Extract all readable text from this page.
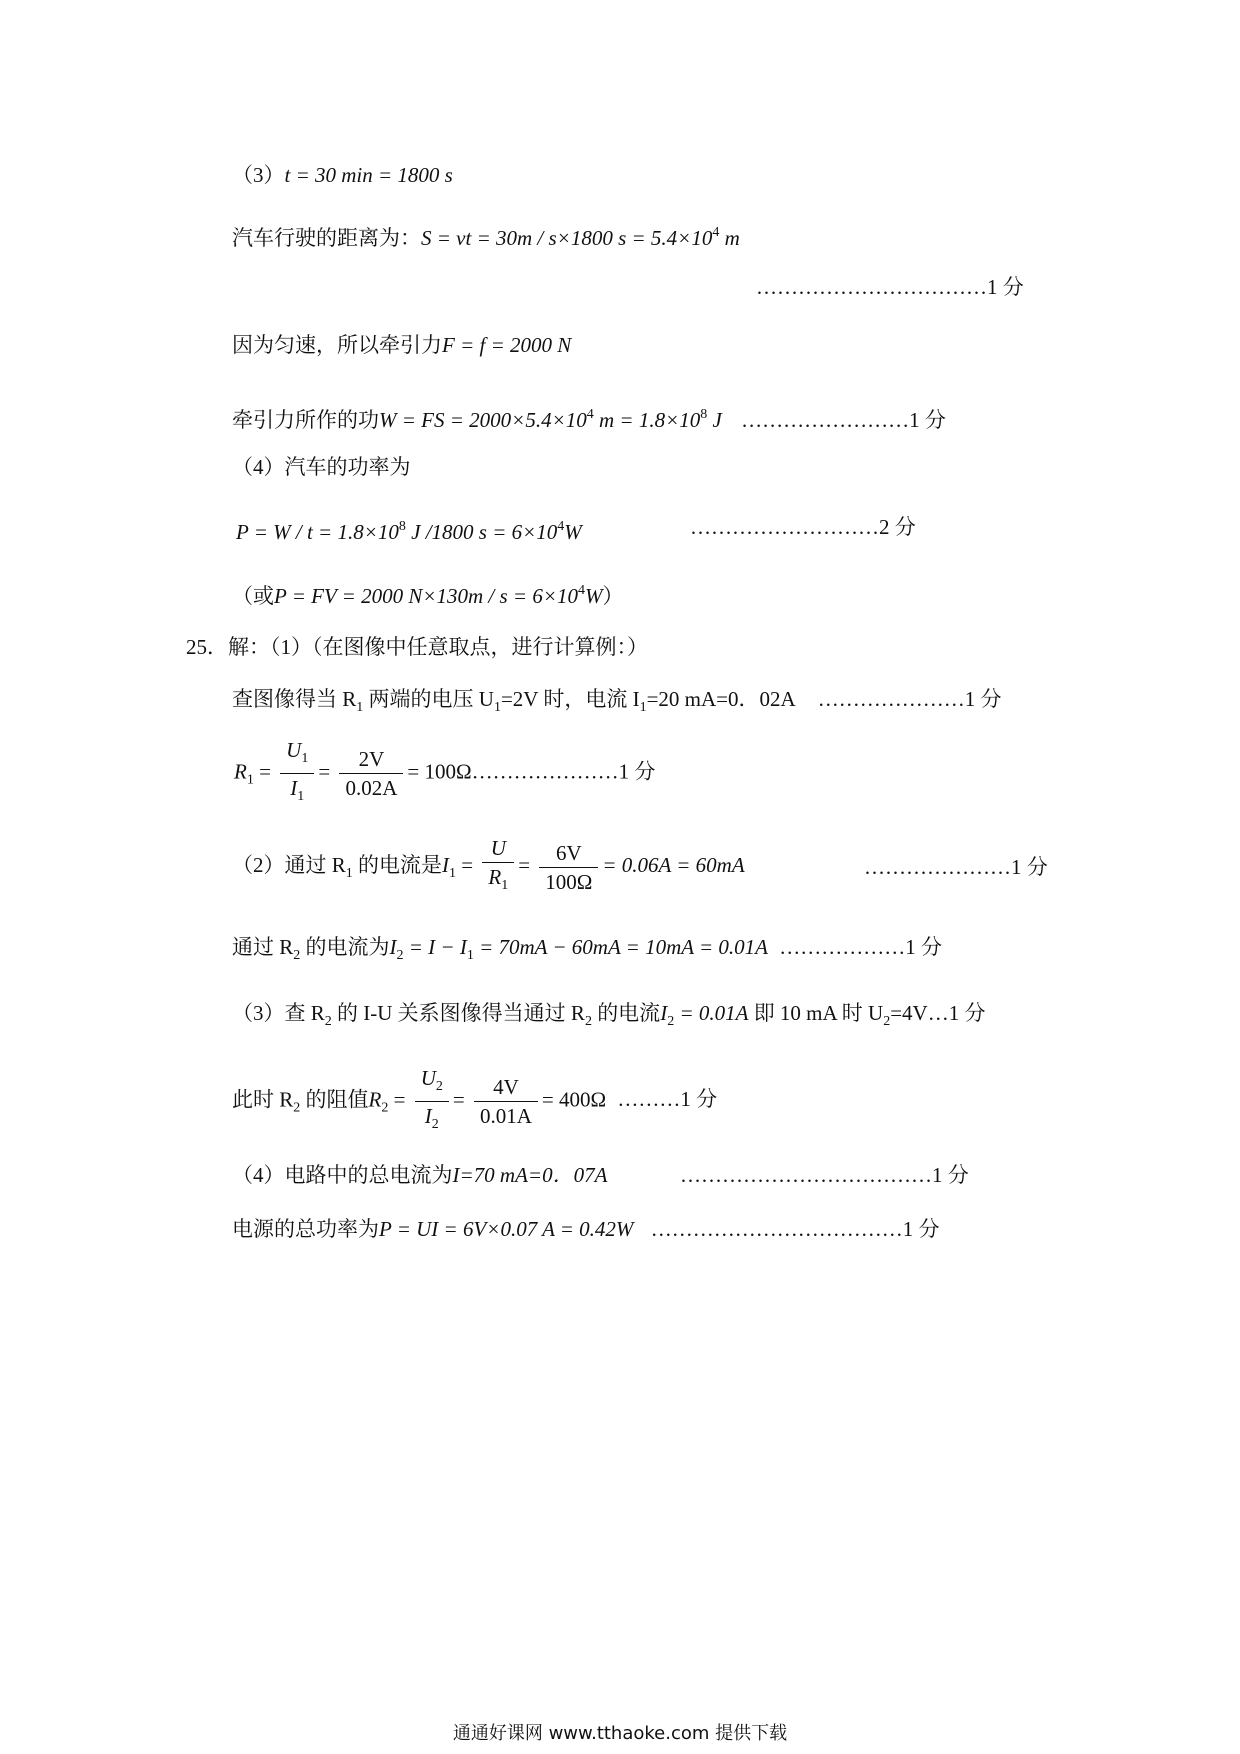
（3）t = 30 min = 1800 s
汽车行驶的距离为：S = vt = 30m / s×1800 $s = 5.4\times 10^4$ m
……………………………1 分
因为匀速，所以牵引力F = f = 2000 N
牵引力所作的功W = FS = $2000\times 5.4\times 10^4$ $m = 1.8\times 10^8$ J ……………………1 分
（4）汽车的功率为
$P = W / t = 1.8\times 10^8$ J /1800 $s = 6\times 10^4W$	………………………2 分
（或P = FV = 2000 $N\times 130m / s = 6\times 10^4W$）
25．解：（1）（在图像中任意取点，进行计算例：）
查图像得当 $R_1$ 两端的电压 $U_1=2V$ 时，电流 $I_1=20$ mA=0．02A …………………1 分
$R_1 = \frac{U_1}{I_1} = \frac{2V}{0.02A}$ = 100Ω…………………1 分
（2）通过 $R_1$ 的电流是$I_1 = \frac{U}{R_1} = \frac{6V}{100\Omega} = 0.06A = 60mA$	…………………1 分
通过 $R_2$ 的电流为$I_2 = I - I_1 = 70mA - 60mA = 10mA = 0.01A$ ………………1 分
（3）查 $R_2$ 的 I-U 关系图像得当通过 $R_2$ 的电流$I_2 = 0.01A$ 即 10 mA 时 $U_2=4V\dots 1$ 分
此时 $R_2$ 的阻值$R_2 = \frac{U_2}{I_2} = \frac{4V}{0.01A} = 400\Omega$ ………1 分
（4）电路中的总电流为I=70 mA=0．07A	………………………………1 分
电源的总功率为P = UI = 6V×0.07 A = 0.42W ………………………………1 分
通通好课网 www.tthaoke.com 提供下载
